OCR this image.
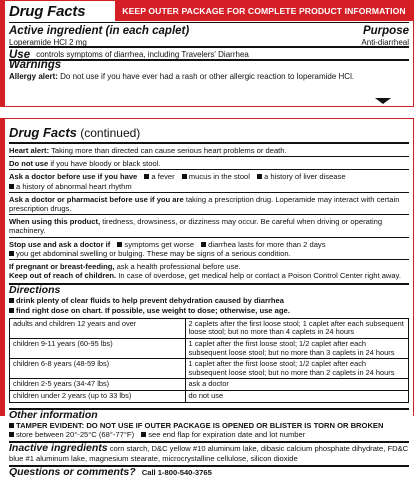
KEEP OUTER PACKAGE FOR COMPLETE PRODUCT INFORMATION
Drug Facts
Active ingredient (in each caplet)	Purpose
Loperamide HCl 2 mg	Anti-diarrheal
Use controls symptoms of diarrhea, including Travelers' Diarrhea
Warnings
Allergy alert: Do not use if you have ever had a rash or other allergic reaction to loperamide HCl.
Drug Facts (continued)
Heart alert: Taking more than directed can cause serious heart problems or death.
Do not use if you have bloody or black stool.
Ask a doctor before use if you have a fever mucus in the stool a history of liver disease
a history of abnormal heart rhythm
Ask a doctor or pharmacist before use if you are taking a prescription drug. Loperamide may interact with certain prescription drugs.
When using this product, tiredness, drowsiness, or dizziness may occur. Be careful when driving or operating machinery.
Stop use and ask a doctor if symptoms get worse diarrhea lasts for more than 2 days
you get abdominal swelling or bulging. These may be signs of a serious condition.
If pregnant or breast-feeding, ask a health professional before use.
Keep out of reach of children. In case of overdose, get medical help or contact a Poison Control Center right away.
Directions
drink plenty of clear fluids to help prevent dehydration caused by diarrhea
find right dose on chart. If possible, use weight to dose; otherwise, use age.
adults and children 12 years and over	2 caplets after the first loose stool; 1 caplet after each subsequent loose stool; but no more than 4 caplets in 24 hours
children 9-11 years (60-95 lbs)	1 caplet after the first loose stool; 1/2 caplet after each subsequent loose stool; but no more than 3 caplets in 24 hours
children 6-8 years (48-59 lbs)	1 caplet after the first loose stool; 1/2 caplet after each subsequent loose stool; but no more than 2 caplets in 24 hours
children 2-5 years (34-47 lbs)	ask a doctor
children under 2 years (up to 33 lbs)	do not use
Other information
TAMPER EVIDENT: DO NOT USE IF OUTER PACKAGE IS OPENED OR BLISTER IS TORN OR BROKEN
store between 20°-25°C (68°-77°F) see end flap for expiration date and lot number
Inactive ingredients corn starch, D&C yellow #10 aluminum lake, dibasic calcium phosphate dihydrate, FD&C blue #1 aluminum lake, magnesium stearate, microcrystalline cellulose, silicon dioxide
Questions or comments? Call 1-800-540-3765
